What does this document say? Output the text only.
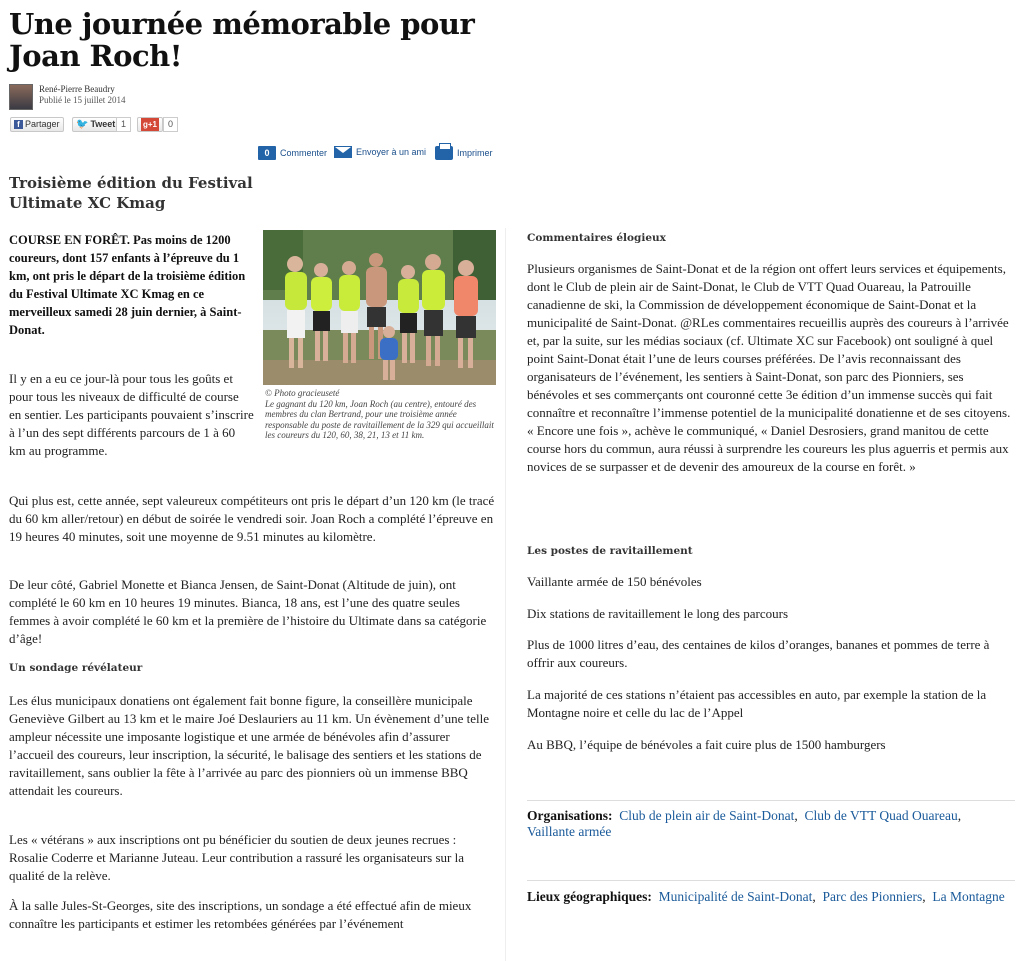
Une journée mémorable pour Joan Roch!
René-Pierre Beaudry
Publié le 15 juillet 2014
f Partager 🐦 Tweet 1	g+1	0
0	Commenter	Envoyer à un ami	Imprimer
Troisième édition du Festival Ultimate XC Kmag

COURSE EN FORÊT. Pas moins de 1200 coureurs, dont 157 enfants à l’épreuve du 1 km, ont pris le départ de la troisième édition du Festival Ultimate XC Kmag en ce merveilleux samedi 28 juin dernier, à Saint-Donat.

© Photo gracieuseté
Le gagnant du 120 km, Joan Roch (au centre), entouré des membres du clan Bertrand, pour une troisième année responsable du poste de ravitaillement de la 329 qui accueillait les coureurs du 120, 60, 38, 21, 13 et 11 km.

Il y en a eu ce jour-là pour tous les goûts et pour tous les niveaux de difficulté de course en sentier. Les participants pouvaient s’inscrire à l’un des sept différents parcours de 1 à 60 km au programme.

Qui plus est, cette année, sept valeureux compétiteurs ont pris le départ d’un 120 km (le tracé du 60 km aller/retour) en début de soirée le vendredi soir. Joan Roch a complété l’épreuve en 19 heures 40 minutes, soit une moyenne de 9.51 minutes au kilomètre.

De leur côté, Gabriel Monette et Bianca Jensen, de Saint-Donat (Altitude de juin), ont complété le 60 km en 10 heures 19 minutes. Bianca, 18 ans, est l’une des quatre seules femmes à avoir complété le 60 km et la première de l’histoire du Ultimate dans sa catégorie d’âge!

Un sondage révélateur

Les élus municipaux donatiens ont également fait bonne figure, la conseillère municipale Geneviève Gilbert au 13 km et le maire Joé Deslauriers au 11 km. Un évènement d’une telle ampleur nécessite une imposante logistique et une armée de bénévoles afin d’assurer l’accueil des coureurs, leur inscription, la sécurité, le balisage des sentiers et les stations de ravitaillement, sans oublier la fête à l’arrivée au parc des pionniers où un immense BBQ attendait les coureurs.

Les « vétérans » aux inscriptions ont pu bénéficier du soutien de deux jeunes recrues : Rosalie Coderre et Marianne Juteau. Leur contribution a rassuré les organisateurs sur la qualité de la relève.

À la salle Jules-St-Georges, site des inscriptions, un sondage a été effectué afin de mieux connaître les participants et estimer les retombées générées par l’événement

Commentaires élogieux

Plusieurs organismes de Saint-Donat et de la région ont offert leurs services et équipements, dont le Club de plein air de Saint-Donat, le Club de VTT Quad Ouareau, la Patrouille canadienne de ski, la Commission de développement économique de Saint-Donat et la municipalité de Saint-Donat. @RLes commentaires recueillis auprès des coureurs à l’arrivée et, par la suite, sur les médias sociaux (cf. Ultimate XC sur Facebook) ont souligné à quel point Saint-Donat était l’une de leurs courses préférées. De l’avis reconnaissant des organisateurs de l’événement, les sentiers à Saint-Donat, son parc des Pionniers, ses bénévoles et ses commerçants ont couronné cette 3e édition d’un immense succès qui fait connaître et reconnaître l’immense potentiel de la municipalité donatienne et de ses citoyens. « Encore une fois », achève le communiqué, « Daniel Desrosiers, grand manitou de cette course hors du commun, aura réussi à surprendre les coureurs les plus aguerris et permis aux novices de se surpasser et de devenir des amoureux de la course en forêt. »

Les postes de ravitaillement

Vaillante armée de 150 bénévoles

Dix stations de ravitaillement le long des parcours

Plus de 1000 litres d’eau, des centaines de kilos d’oranges, bananes et pommes de terre à offrir aux coureurs.

La majorité de ces stations n’étaient pas accessibles en auto, par exemple la station de la Montagne noire et celle du lac de l’Appel

Au BBQ, l’équipe de bénévoles a fait cuire plus de 1500 hamburgers

Organisations: Club de plein air de Saint-Donat,  Club de VTT Quad Ouareau,  Vaillante armée
Lieux géographiques: Municipalité de Saint-Donat,  Parc des Pionniers,  La Montagne
